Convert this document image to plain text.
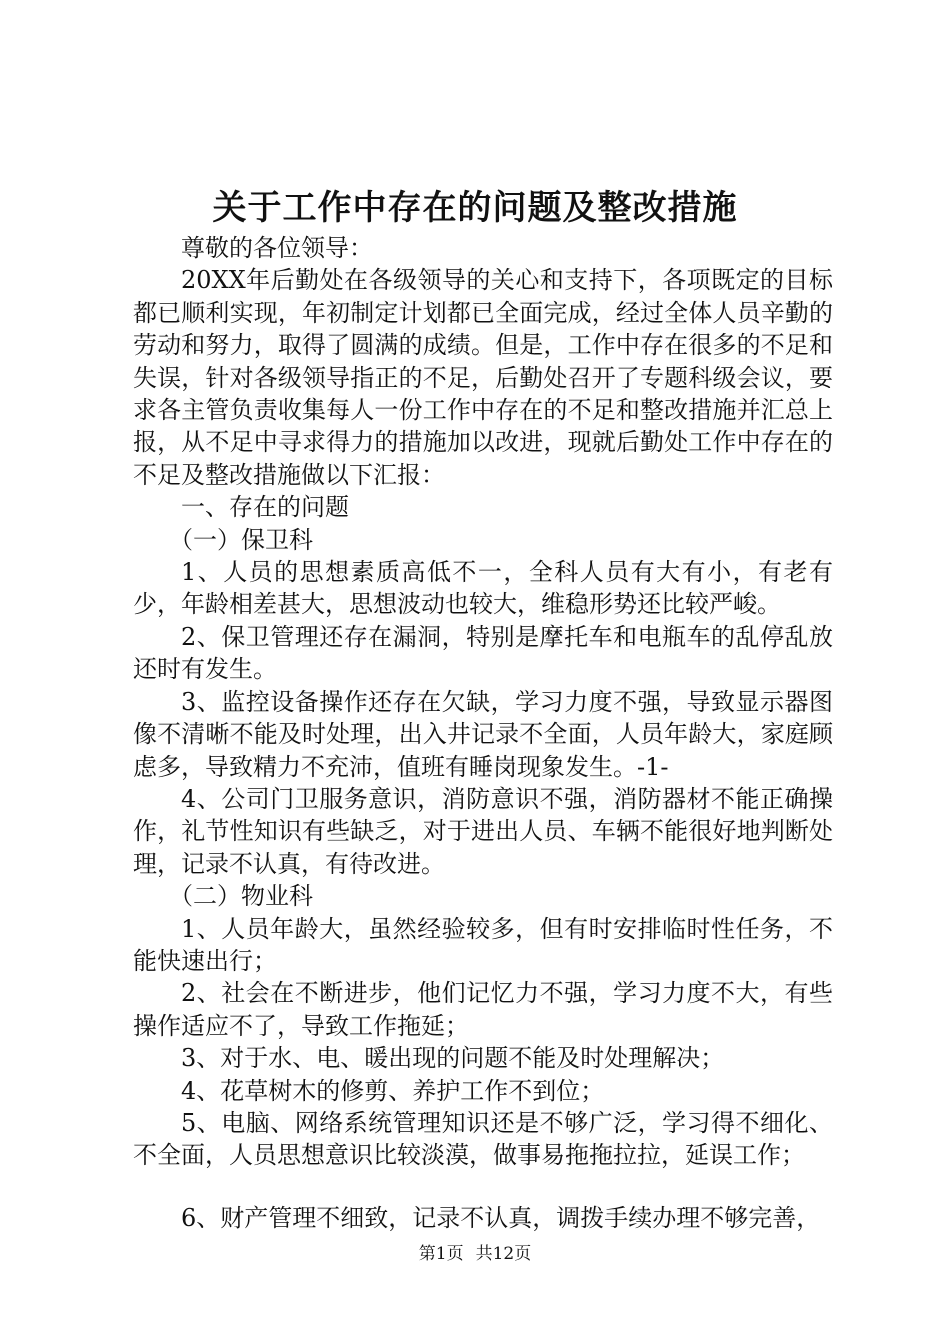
关于工作中存在的问题及整改措施

尊敬的各位领导：

20XX年后勤处在各级领导的关心和支持下，各项既定的目标都已顺利实现，年初制定计划都已全面完成，经过全体人员辛勤的劳动和努力，取得了圆满的成绩。但是，工作中存在很多的不足和失误，针对各级领导指正的不足，后勤处召开了专题科级会议，要求各主管负责收集每人一份工作中存在的不足和整改措施并汇总上报，从不足中寻求得力的措施加以改进，现就后勤处工作中存在的不足及整改措施做以下汇报：

一、存在的问题

（一）保卫科

1、人员的思想素质高低不一，全科人员有大有小，有老有少，年龄相差甚大，思想波动也较大，维稳形势还比较严峻。

2、保卫管理还存在漏洞，特别是摩托车和电瓶车的乱停乱放还时有发生。

3、监控设备操作还存在欠缺，学习力度不强，导致显示器图像不清晰不能及时处理，出入井记录不全面，人员年龄大，家庭顾虑多，导致精力不充沛，值班有睡岗现象发生。-1-

4、公司门卫服务意识，消防意识不强，消防器材不能正确操作，礼节性知识有些缺乏，对于进出人员、车辆不能很好地判断处理，记录不认真，有待改进。

（二）物业科

1、人员年龄大，虽然经验较多，但有时安排临时性任务，不能快速出行；

2、社会在不断进步，他们记忆力不强，学习力度不大，有些操作适应不了，导致工作拖延；

3、对于水、电、暖出现的问题不能及时处理解决；

4、花草树木的修剪、养护工作不到位；

5、电脑、网络系统管理知识还是不够广泛，学习得不细化、不全面，人员思想意识比较淡漠，做事易拖拖拉拉，延误工作；

6、财产管理不细致，记录不认真，调拨手续办理不够完善，

第1页 共12页
